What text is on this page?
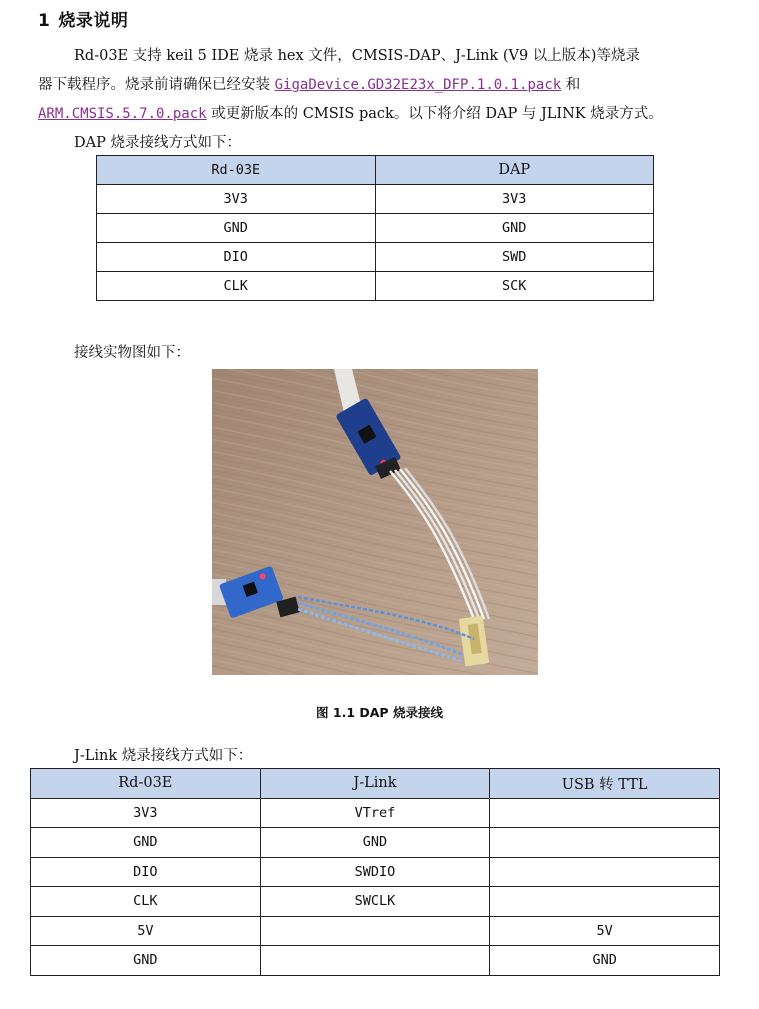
1 烧录说明
Rd-03E 支持 keil 5 IDE 烧录 hex 文件，CMSIS-DAP、J-Link (V9 以上版本)等烧录
器下载程序。烧录前请确保已经安装 GigaDevice.GD32E23x_DFP.1.0.1.pack 和
ARM.CMSIS.5.7.0.pack 或更新版本的 CMSIS pack。以下将介绍 DAP 与 JLINK 烧录方式。
DAP 烧录接线方式如下：
Rd-03E	DAP
3V3	3V3
GND	GND
DIO	SWD
CLK	SCK
接线实物图如下：
图 1.1 DAP 烧录接线
J-Link 烧录接线方式如下：
Rd-03E	J-Link	USB 转 TTL
3V3	VTref	
GND	GND	
DIO	SWDIO	
CLK	SWCLK	
5V		5V
GND		GND
